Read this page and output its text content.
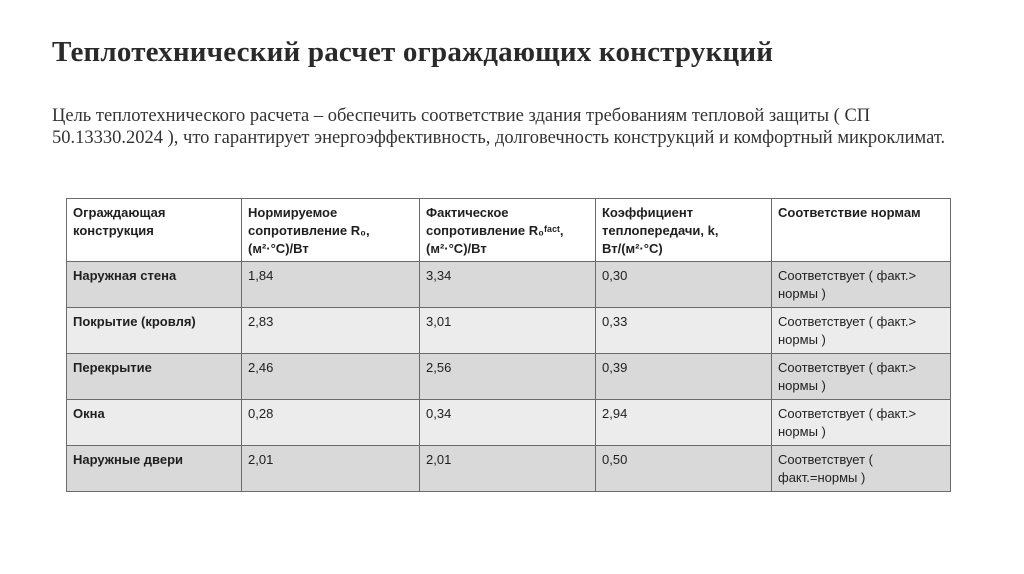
Теплотехнический расчет ограждающих конструкций

Цель теплотехнического расчета – обеспечить соответствие здания требованиям тепловой защиты ( СП 50.13330.2024 ), что гарантирует энергоэффективность, долговечность конструкций и комфортный микроклимат.

Ограждающая конструкция	Нормируемое сопротивление R₀, (м²·°С)/Вт	Фактическое сопротивление R₀ᶠᵃᶜᵗ, (м²·°С)/Вт	Коэффициент теплопередачи, k, Вт/(м²·°С)	Соответствие нормам
Наружная стена	1,84	3,34	0,30	Соответствует ( факт.> нормы )
Покрытие (кровля)	2,83	3,01	0,33	Соответствует ( факт.> нормы )
Перекрытие	2,46	2,56	0,39	Соответствует ( факт.> нормы )
Окна	0,28	0,34	2,94	Соответствует ( факт.> нормы )
Наружные двери	2,01	2,01	0,50	Соответствует ( факт.=нормы )
